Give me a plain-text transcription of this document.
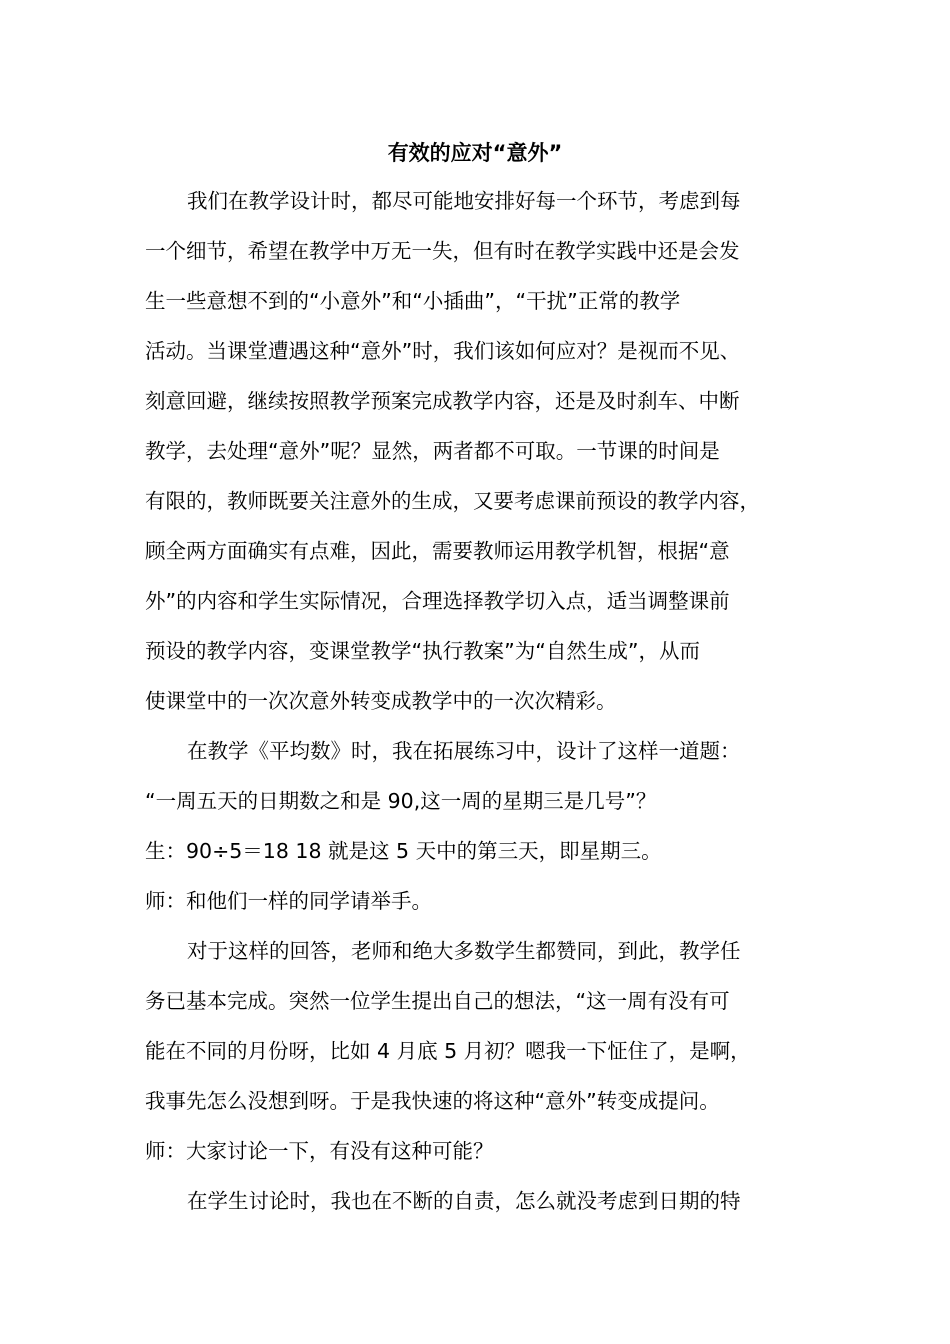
有效的应对“意外”
我们在教学设计时，都尽可能地安排好每一个环节，考虑到每
一个细节，希望在教学中万无一失，但有时在教学实践中还是会发
生一些意想不到的“小意外”和“小插曲”，“干扰”正常的教学
活动。当课堂遭遇这种“意外”时，我们该如何应对？是视而不见、
刻意回避，继续按照教学预案完成教学内容，还是及时刹车、中断
教学，去处理“意外”呢？显然，两者都不可取。一节课的时间是
有限的，教师既要关注意外的生成，又要考虑课前预设的教学内容，
顾全两方面确实有点难，因此，需要教师运用教学机智，根据“意
外”的内容和学生实际情况，合理选择教学切入点，适当调整课前
预设的教学内容，变课堂教学“执行教案”为“自然生成”，从而
使课堂中的一次次意外转变成教学中的一次次精彩。
在教学《平均数》时，我在拓展练习中，设计了这样一道题：
“一周五天的日期数之和是 90,这一周的星期三是几号”？
生：90÷5＝18 18 就是这 5 天中的第三天，即星期三。
师：和他们一样的同学请举手。
对于这样的回答，老师和绝大多数学生都赞同，到此，教学任
务已基本完成。突然一位学生提出自己的想法，“这一周有没有可
能在不同的月份呀，比如 4 月底 5 月初？嗯我一下怔住了，是啊，
我事先怎么没想到呀。于是我快速的将这种“意外”转变成提问。
师：大家讨论一下，有没有这种可能？
在学生讨论时，我也在不断的自责，怎么就没考虑到日期的特
